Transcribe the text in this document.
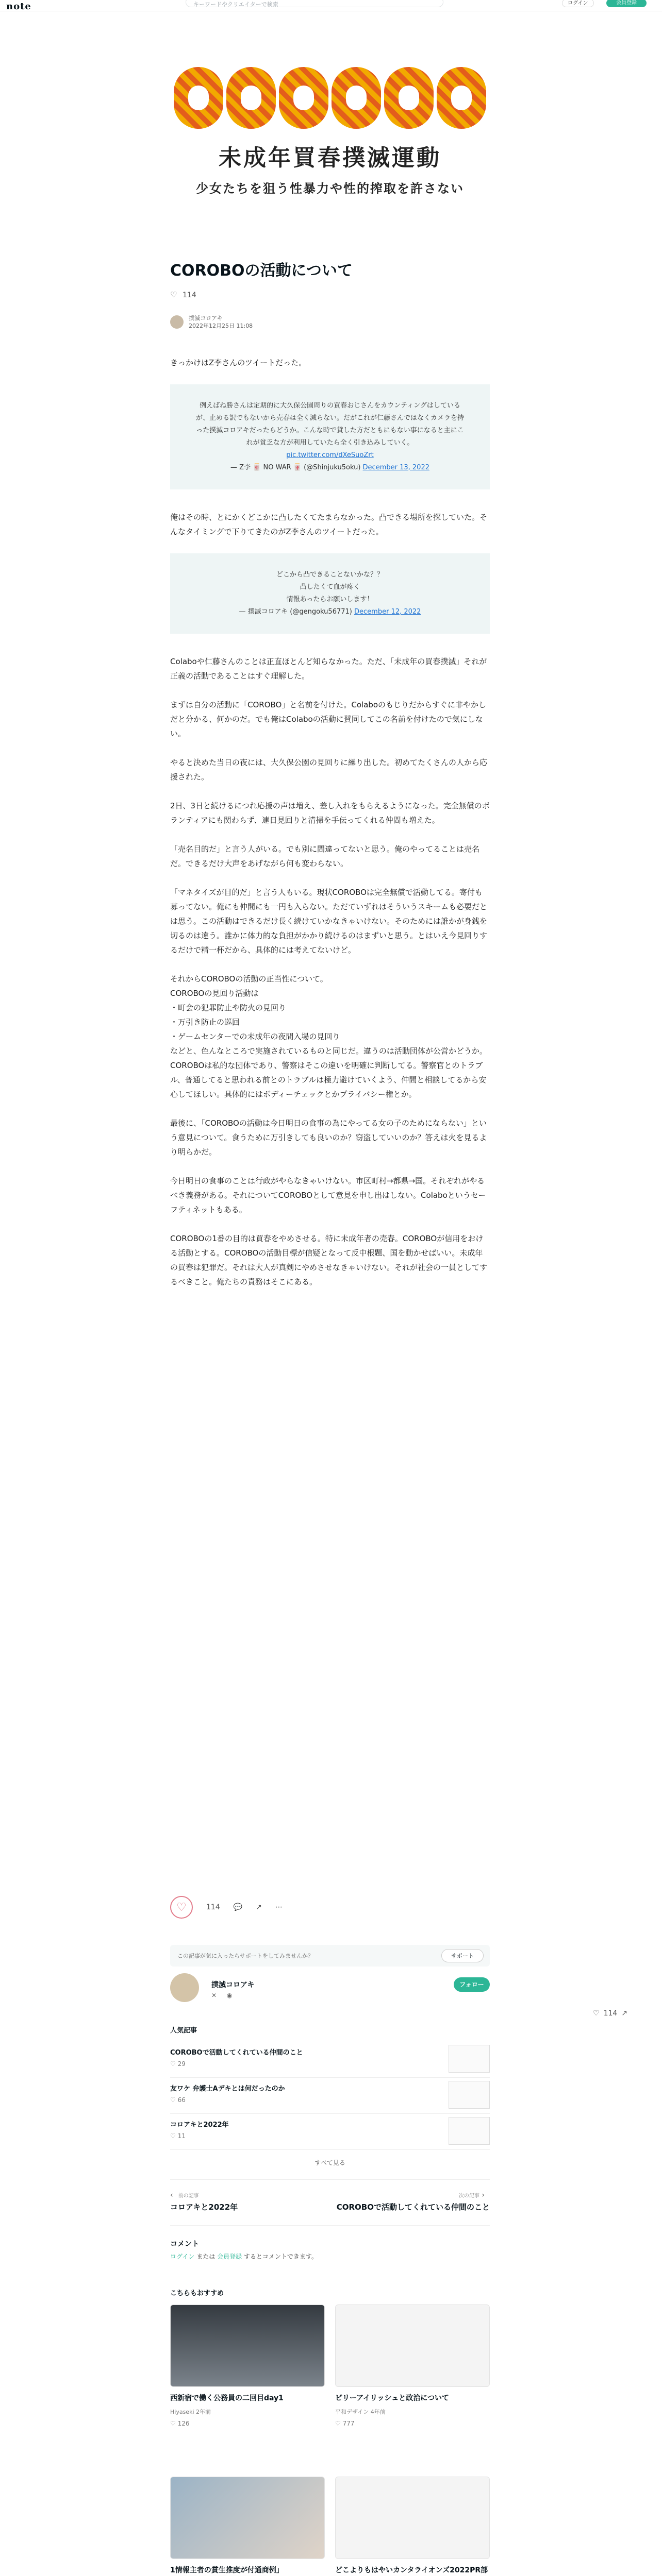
note	キーワードやクリエイターで検索	ログイン	会員登録
未成年買春撲滅運動
少女たちを狙う性暴力や性的搾取を許さない
COROBOの活動について
♡
114
撲滅コロアキ
2022年12月25日 11:08

きっかけはZ李さんのツイートだった。

例えばね勝さんは定期的に大久保公園周りの買春おじさんをカウンティングはしているが、止める訳でもないから売春は全く減らない。だがこれが仁藤さんではなくカメラを持った撲滅コロアキだったらどうか。こんな時で貸した方だともにもない事になると主にこれが貧乏な方が利用していたら全く引き込みしていく。
pic.twitter.com/dXeSuoZrt
— Z李 🀄 NO WAR 🀄 (@Shinjuku5oku) December 13, 2022

俺はその時、とにかくどこかに凸したくてたまらなかった。凸できる場所を探していた。そんなタイミングで下りてきたのがZ李さんのツイートだった。

どこから凸できることないかな？？
凸したくて血が疼く
情報あったらお願いします！
— 撲滅コロアキ (@gengoku56771) December 12, 2022

Colaboや仁藤さんのことは正直ほとんど知らなかった。ただ、「未成年の買春撲滅」それが正義の活動であることはすぐ理解した。

まずは自分の活動に「COROBO」と名前を付けた。Colaboのもじりだからすぐに非やかしだと分かる、何かのだ。でも俺はColaboの活動に賛同してこの名前を付けたので気にしない。

やると決めた当日の夜には、大久保公園の見回りに繰り出した。初めてたくさんの人から応援された。

2日、3日と続けるにつれ応援の声は増え、差し入れをもらえるようになった。完全無償のボランティアにも関わらず、連日見回りと清掃を手伝ってくれる仲間も増えた。

「売名目的だ」と言う人がいる。でも別に間違ってないと思う。俺のやってることは売名だ。できるだけ大声をあげながら何も変わらない。

「マネタイズが目的だ」と言う人もいる。現状COROBOは完全無償で活動してる。寄付も募ってない。俺にも仲間にも一円も入らない。ただていずれはそういうスキームも必要だとは思う。この活動はできるだけ長く続けていかなきゃいけない。そのためには誰かが身銭を切るのは違う。誰かに体力的な負担がかかり続けるのはまずいと思う。とはいえ今見回りするだけで精一杯だから、具体的には考えてないけど。

それからCOROBOの活動の正当性について。
COROBOの見回り活動は
・町会の犯罪防止や防火の見回り
・万引き防止の巡回
・ゲームセンターでの未成年の夜間入場の見回り
などと、色んなところで実施されているものと同じだ。違うのは活動団体が公営かどうか。COROBOは私的な団体であり、警察はそこの違いを明確に判断してる。警察官とのトラブル、普通してると思われる前とのトラブルは極力避けていくよう、仲間と相談してるから安心してほしい。具体的にはボディーチェックとかプライバシー権とか。

最後に、「COROBOの活動は今日明日の食事の為にやってる女の子のためにならない」という意見について。食うために万引きしても良いのか？窃盗していいのか？答えは火を見るより明らかだ。

今日明日の食事のことは行政がやらなきゃいけない。市区町村→都県→国。それぞれがやるべき義務がある。それについてCOROBOとして意見を申し出はしない。Colaboというセーフティネットもある。

COROBOの1番の目的は買春をやめさせる。特に未成年者の売春。COROBOが信用をおける活動とする。COROBOの活動目標が信疑となって反中根題、国を動かせばいい。未成年の買春は犯罪だ。それは大人が真剣にやめさせなきゃいけない。それが社会の一員としてするべきこと。俺たちの責務はそこにある。

♡	114 💬 ↗ ⋯
この記事が気に入ったらサポートをしてみませんか？	サポート
撲滅コロアキ
✕ ◉
フォロー
人気記事
COROBOで活動してくれている仲間のこと
♡ 29
友ワケ 弁護士Aデキとは何だったのか
♡ 66
コロアキと2022年
♡ 11
すべて見る
‹ 前の記事
コロアキと2022年
次の記事 ›
COROBOで活動してくれている仲間のこと
コメント

ログイン または 会員登録 するとコメントできます。

こちらもおすすめ
西新宿で働く公務員の二回目day1
Hiyaseki 2年前
♡ 126
ピリーアイリッシュと政治について
平和デザイン 4年前
♡ 777
1情報主者の賞生推度が付通商例」	どこよりもはやいカンタライオンズ2022PR部
♡ 114 ↗
